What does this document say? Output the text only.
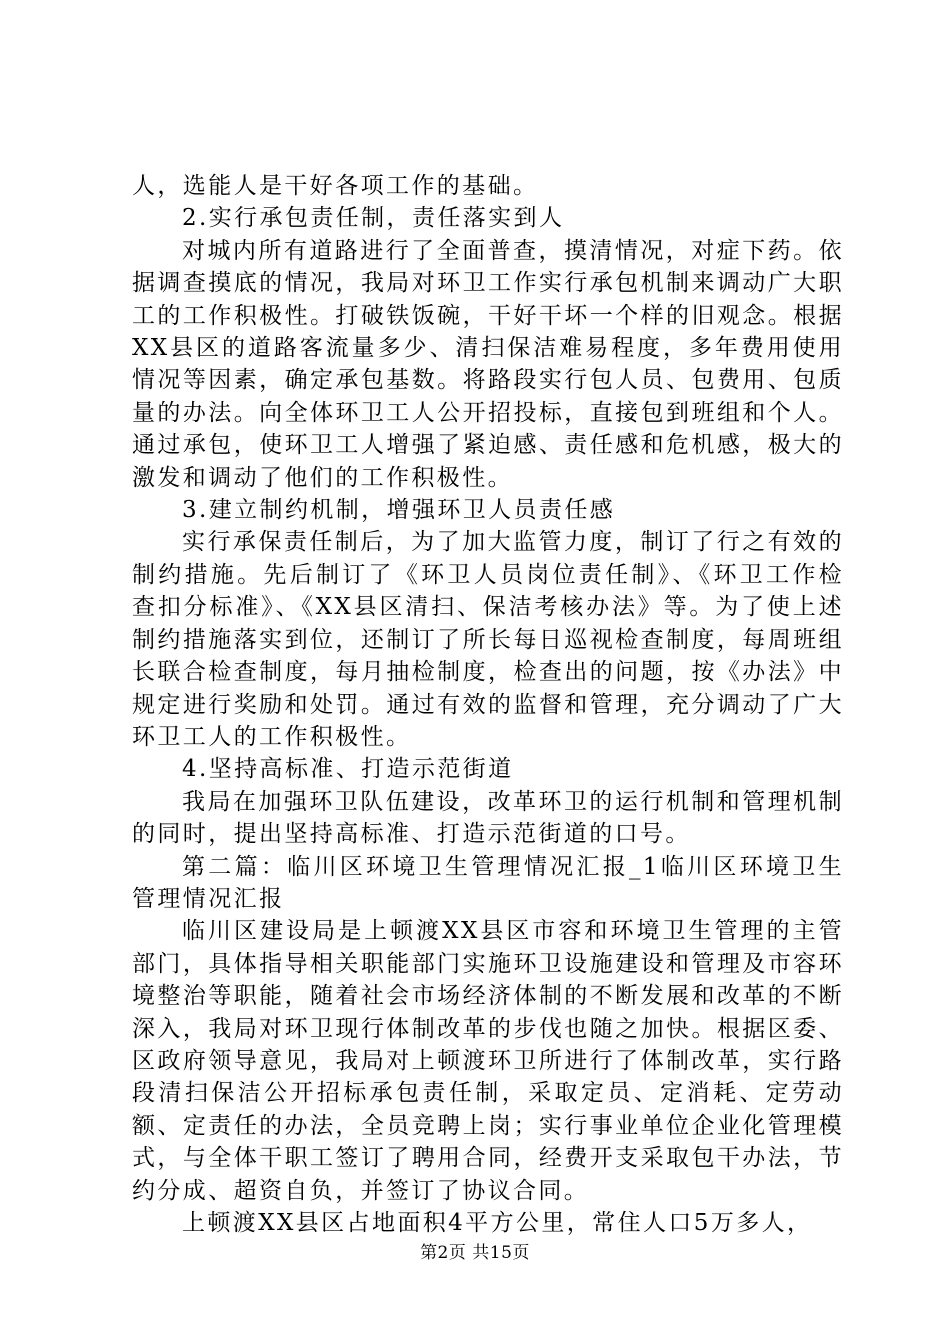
人，选能人是干好各项工作的基础。

2.实行承包责任制，责任落实到人

对城内所有道路进行了全面普查，摸清情况，对症下药。依据调查摸底的情况，我局对环卫工作实行承包机制来调动广大职工的工作积极性。打破铁饭碗，干好干坏一个样的旧观念。根据XX县区的道路客流量多少、清扫保洁难易程度，多年费用使用情况等因素，确定承包基数。将路段实行包人员、包费用、包质量的办法。向全体环卫工人公开招投标，直接包到班组和个人。通过承包，使环卫工人增强了紧迫感、责任感和危机感，极大的激发和调动了他们的工作积极性。

3.建立制约机制，增强环卫人员责任感

实行承保责任制后，为了加大监管力度，制订了行之有效的制约措施。先后制订了《环卫人员岗位责任制》、《环卫工作检查扣分标准》、《XX县区清扫、保洁考核办法》等。为了使上述制约措施落实到位，还制订了所长每日巡视检查制度，每周班组长联合检查制度，每月抽检制度，检查出的问题，按《办法》中规定进行奖励和处罚。通过有效的监督和管理，充分调动了广大环卫工人的工作积极性。

4.坚持高标准、打造示范街道

我局在加强环卫队伍建设，改革环卫的运行机制和管理机制的同时，提出坚持高标准、打造示范街道的口号。

第二篇：临川区环境卫生管理情况汇报_1临川区环境卫生管理情况汇报

临川区建设局是上顿渡XX县区市容和环境卫生管理的主管部门，具体指导相关职能部门实施环卫设施建设和管理及市容环境整治等职能，随着社会市场经济体制的不断发展和改革的不断深入，我局对环卫现行体制改革的步伐也随之加快。根据区委、区政府领导意见，我局对上顿渡环卫所进行了体制改革，实行路段清扫保洁公开招标承包责任制，采取定员、定消耗、定劳动额、定责任的办法，全员竞聘上岗；实行事业单位企业化管理模式，与全体干职工签订了聘用合同，经费开支采取包干办法，节约分成、超资自负，并签订了协议合同。

上顿渡XX县区占地面积4平方公里，常住人口5万多人，

第2页 共15页
